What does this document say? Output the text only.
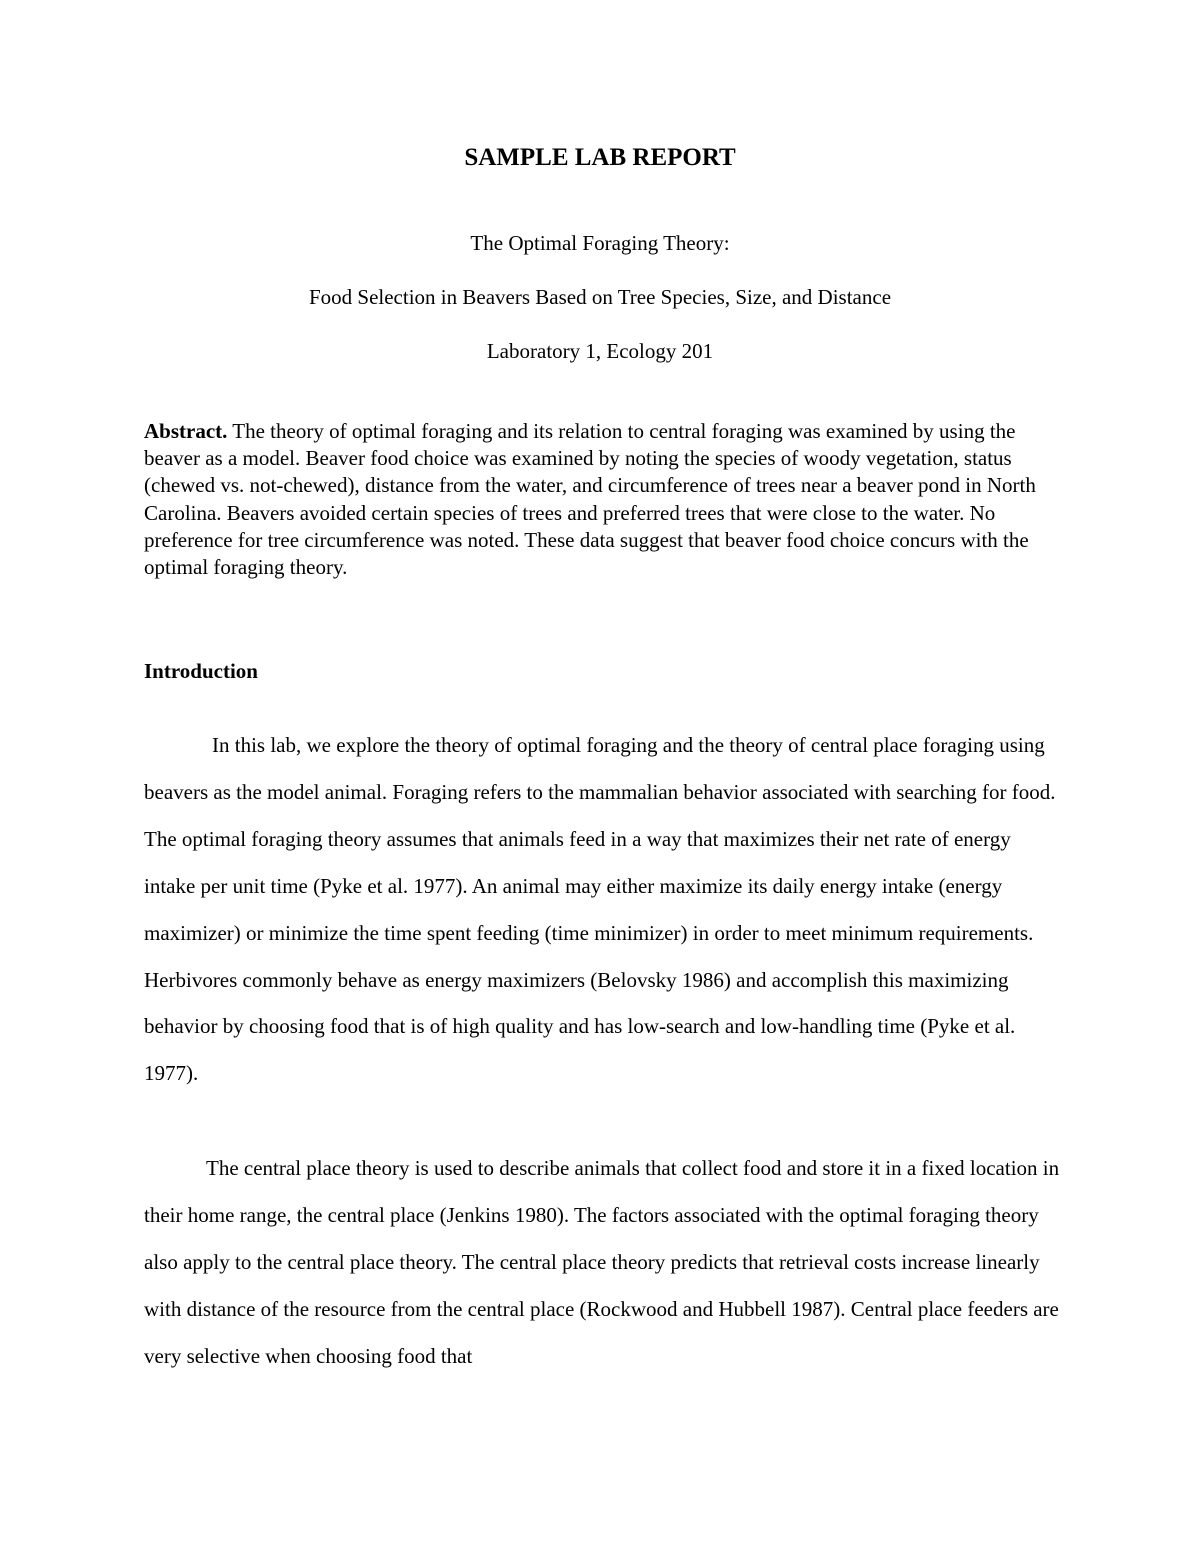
SAMPLE LAB REPORT

The Optimal Foraging Theory:

Food Selection in Beavers Based on Tree Species, Size, and Distance

Laboratory 1, Ecology 201

Abstract. The theory of optimal foraging and its relation to central foraging was examined by using the beaver as a model. Beaver food choice was examined by noting the species of woody vegetation, status (chewed vs. not-chewed), distance from the water, and circumference of trees near a beaver pond in North Carolina. Beavers avoided certain species of trees and preferred trees that were close to the water. No preference for tree circumference was noted. These data suggest that beaver food choice concurs with the optimal foraging theory.

Introduction

In this lab, we explore the theory of optimal foraging and the theory of central place foraging using beavers as the model animal. Foraging refers to the mammalian behavior associated with searching for food. The optimal foraging theory assumes that animals feed in a way that maximizes their net rate of energy intake per unit time (Pyke et al. 1977). An animal may either maximize its daily energy intake (energy maximizer) or minimize the time spent feeding (time minimizer) in order to meet minimum requirements. Herbivores commonly behave as energy maximizers (Belovsky 1986) and accomplish this maximizing behavior by choosing food that is of high quality and has low-search and low-handling time (Pyke et al. 1977).

The central place theory is used to describe animals that collect food and store it in a fixed location in their home range, the central place (Jenkins 1980). The factors associated with the optimal foraging theory also apply to the central place theory. The central place theory predicts that retrieval costs increase linearly with distance of the resource from the central place (Rockwood and Hubbell 1987). Central place feeders are very selective when choosing food that
